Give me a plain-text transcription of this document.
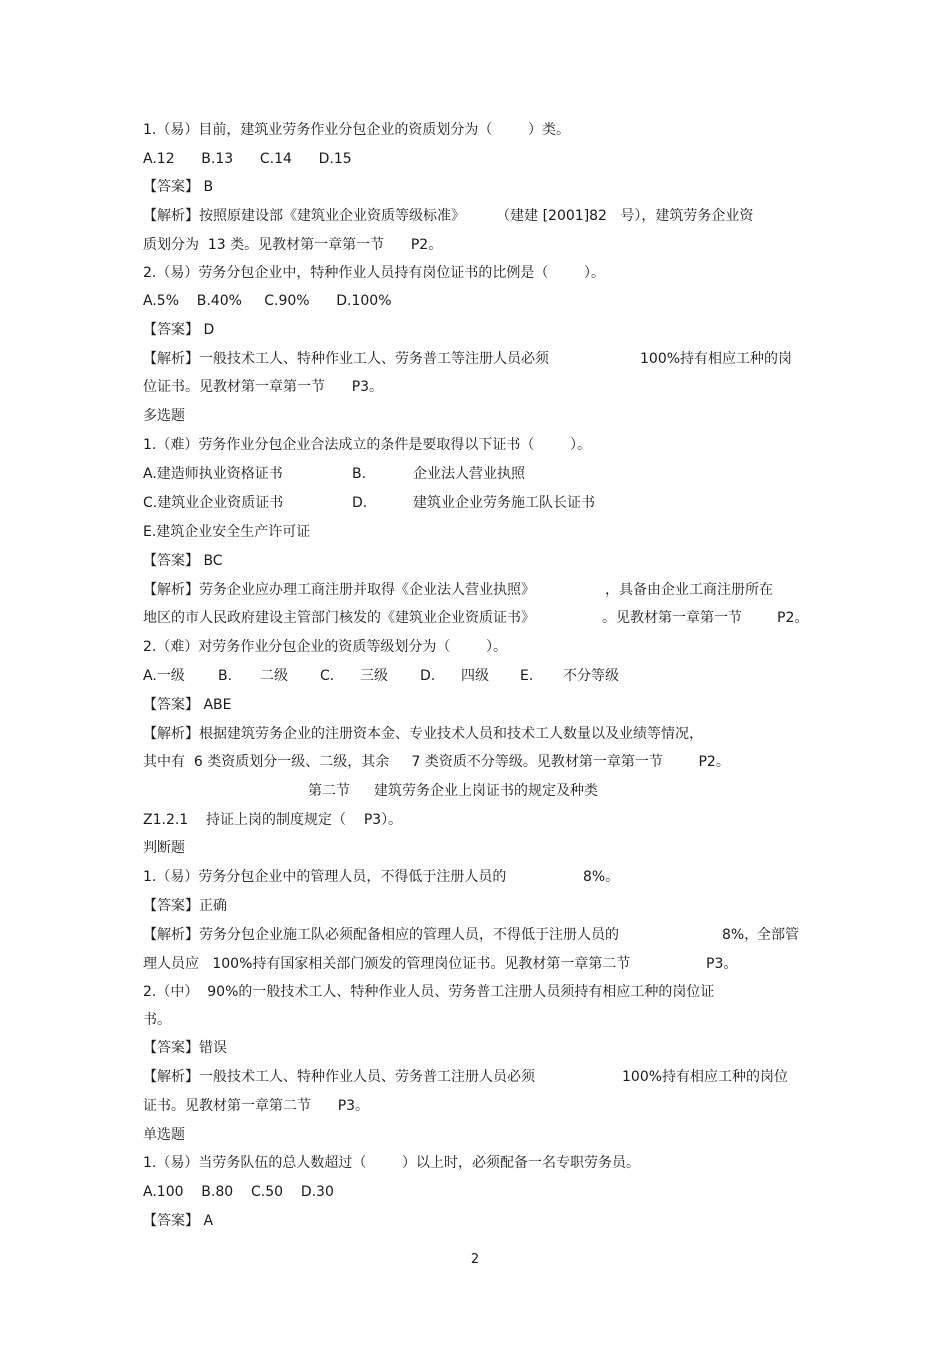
1.（易）目前，建筑业劳务作业分包企业的资质划分为（        ）类。
A.12      B.13      C.14      D.15
【答案】 B
【解析】按照原建设部《建筑业企业资质等级标准》       （建建 [2001]82   号），建筑劳务企业资
质划分为  13 类。见教材第一章第一节      P2。
2.（易）劳务分包企业中，特种作业人员持有岗位证书的比例是（        ）。
A.5%    B.40%     C.90%      D.100%
【答案】 D
【解析】一般技术工人、特种作业工人、劳务普工等注册人员必须	100%持有相应工种的岗
位证书。见教材第一章第一节      P3。
多选题
1.（难）劳务作业分包企业合法成立的条件是要取得以下证书（        ）。
A.建造师执业资格证书	B.	企业法人营业执照
C.建筑业企业资质证书	D.	建筑业企业劳务施工队长证书
E.建筑企业安全生产许可证
【答案】 BC
【解析】劳务企业应办理工商注册并取得《企业法人营业执照》	，具备由企业工商注册所在
地区的市人民政府建设主管部门核发的《建筑业企业资质证书》	。见教材第一章第一节	P2。
2.（难）对劳务作业分包企业的资质等级划分为（        ）。
A.一级 B. 二级 C. 三级 D. 四级 E. 不分等级
【答案】 ABE
【解析】根据建筑劳务企业的注册资本金、专业技术人员和技术工人数量以及业绩等情况，
其中有  6 类资质划分一级、二级，其余     7 类资质不分等级。见教材第一章第一节        P2。
第二节 建筑劳务企业上岗证书的规定及种类
Z1.2.1    持证上岗的制度规定（    P3）。
判断题
1.（易）劳务分包企业中的管理人员，不得低于注册人员的	8%。
【答案】正确
【解析】劳务分包企业施工队必须配备相应的管理人员，不得低于注册人员的	8%，
全部管
理人员应   100%持有国家相关部门颁发的管理岗位证书。见教材第一章第二节	P3。
2.（中）  90%的一般技术工人、特种作业人员、劳务普工注册人员须持有相应工种的岗位证
书。
【答案】错误
【解析】一般技术工人、特种作业人员、劳务普工注册人员必须	100%持有相应工种的岗位
证书。见教材第一章第二节      P3。
单选题
1.（易）当劳务队伍的总人数超过（        ）以上时，必须配备一名专职劳务员。
A.100    B.80    C.50    D.30
【答案】 A
2
